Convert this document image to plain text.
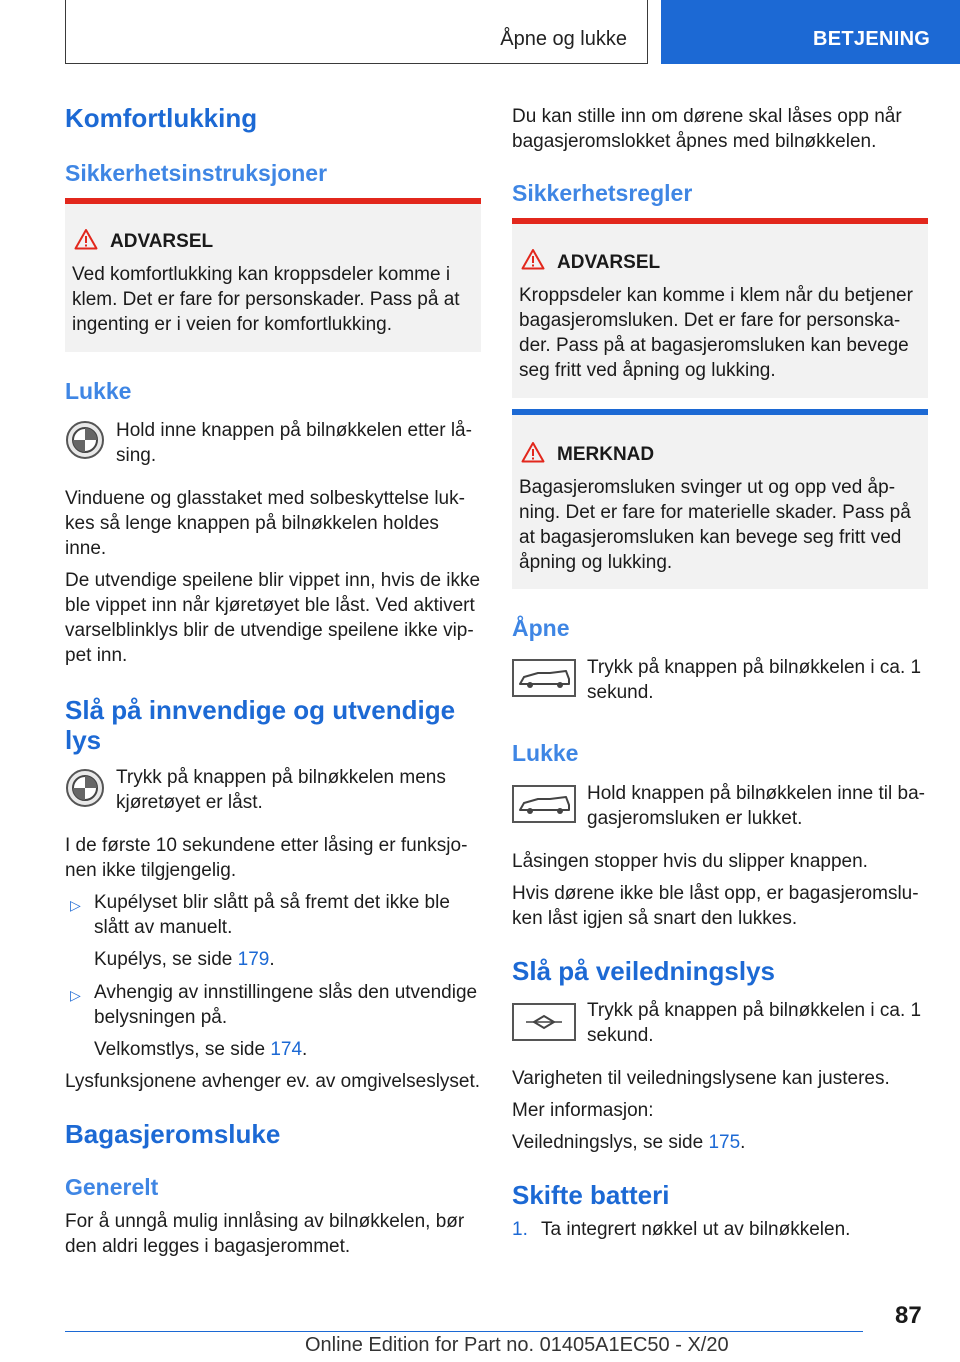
Åpne og lukke	BETJENING
Komfortlukking
Sikkerhetsinstruksjoner
ADVARSEL
Ved komfortlukking kan kroppsdeler komme i klem. Det er fare for personskader. Pass på at ingenting er i veien for komfortlukking.
Lukke
Hold inne knappen på bilnøkkelen etter låsing.
Vinduene og glasstaket med solbeskyttelse lukkes så lenge knappen på bilnøkkelen holdes inne.
De utvendige speilene blir vippet inn, hvis de ikke ble vippet inn når kjøretøyet ble låst. Ved aktivert varselblinklys blir de utvendige speilene ikke vippet inn.
Slå på innvendige og utvendige lys
Trykk på knappen på bilnøkkelen mens kjøretøyet er låst.
I de første 10 sekundene etter låsing er funksjonen ikke tilgjengelig.
▷ Kupélyset blir slått på så fremt det ikke ble slått av manuelt.
Kupélys, se side 179.
▷ Avhengig av innstillingene slås den utvendige belysningen på.
Velkomstlys, se side 174.
Lysfunksjonene avhenger ev. av omgivelseslyset.
Bagasjeromsluke
Generelt
For å unngå mulig innlåsing av bilnøkkelen, bør den aldri legges i bagasjerommet.
Du kan stille inn om dørene skal låses opp når bagasjeromslokket åpnes med bilnøkkelen.
Sikkerhetsregler
ADVARSEL
Kroppsdeler kan komme i klem når du betjener bagasjeromsluken. Det er fare for personskader. Pass på at bagasjeromsluken kan bevege seg fritt ved åpning og lukking.
MERKNAD
Bagasjeromsluken svinger ut og opp ved åpning. Det er fare for materielle skader. Pass på at bagasjeromsluken kan bevege seg fritt ved åpning og lukking.
Åpne
Trykk på knappen på bilnøkkelen i ca. 1 sekund.
Lukke
Hold knappen på bilnøkkelen inne til bagasjeromsluken er lukket.
Låsingen stopper hvis du slipper knappen.
Hvis dørene ikke ble låst opp, er bagasjeromsluken låst igjen så snart den lukkes.
Slå på veiledningslys
Trykk på knappen på bilnøkkelen i ca. 1 sekund.
Varigheten til veiledningslysene kan justeres.
Mer informasjon:
Veiledningslys, se side 175.
Skifte batteri
1. Ta integrert nøkkel ut av bilnøkkelen.
87
Online Edition for Part no. 01405A1EC50 - X/20
